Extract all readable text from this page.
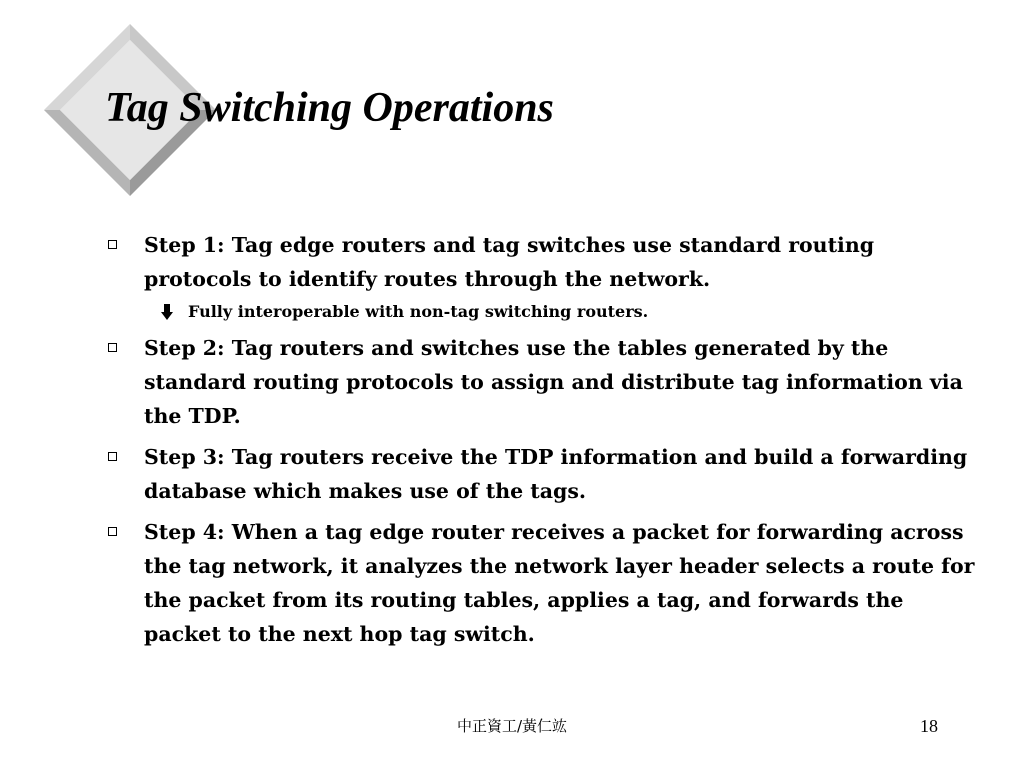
Tag Switching Operations
Step 1: Tag edge routers and tag switches use standard routing protocols to identify routes through the network.
Fully interoperable with non-tag switching routers.
Step 2: Tag routers and switches use the tables generated by the standard routing protocols to assign and distribute tag information via the TDP.
Step 3: Tag routers receive the TDP information and build a forwarding database which makes use of the tags.
Step 4: When a tag edge router receives a packet for forwarding across the tag network, it analyzes the network layer header selects a route for the packet from its routing tables, applies a tag, and forwards the packet to the next hop tag switch.
中正資工/黃仁竑	18
